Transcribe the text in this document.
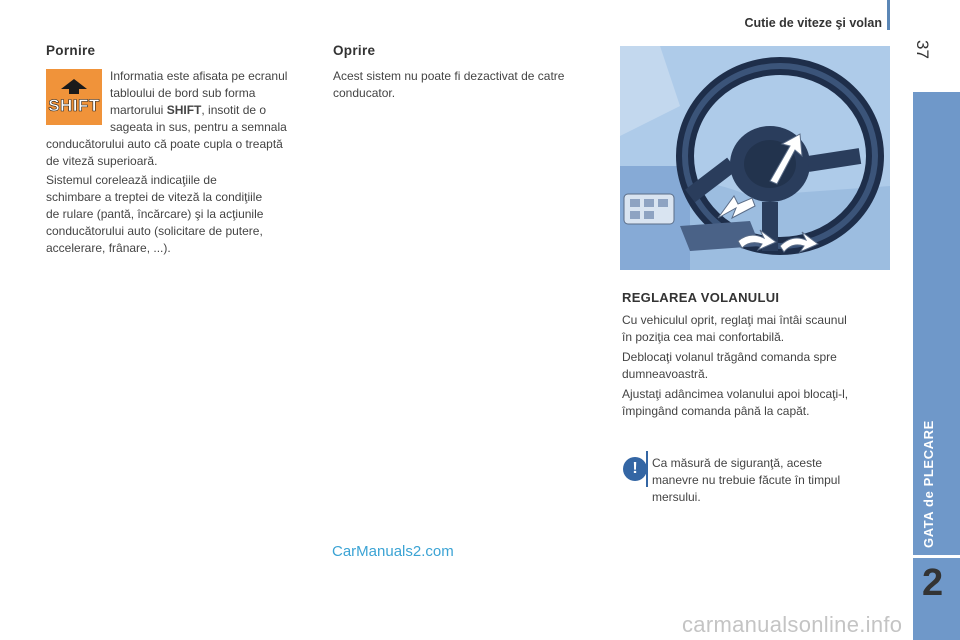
Cutie de viteze şi volan
37
GATA de PLECARE
2
Pornire
SHIFT

Informatia este afisata pe ecranul

tabloului de bord sub forma

martorului SHIFT, insotit de o

sageata in sus, pentru a semnala

conducătorului auto că poate cupla o treaptă

de viteză superioară.

Sistemul corelează indicaţiile de

schimbare a treptei de viteză la condiţiile

de rulare (pantă, încărcare) şi la acţiunile

conducătorului auto (solicitare de putere,

accelerare, frânare, ...).

Oprire

Acest sistem nu poate fi dezactivat de catre

conducator.

REGLAREA VOLANULUI

Cu vehiculul oprit, reglaţi mai întâi scaunul

în poziţia cea mai confortabilă.

Deblocaţi volanul trăgând comanda spre

dumneavoastră.

Ajustaţi adâncimea volanului apoi blocaţi-l,

împingând comanda până la capăt.

!	Ca măsură de siguranţă, aceste

manevre nu trebuie făcute în timpul

mersului.

CarManuals2.com
carmanualsonline.info
